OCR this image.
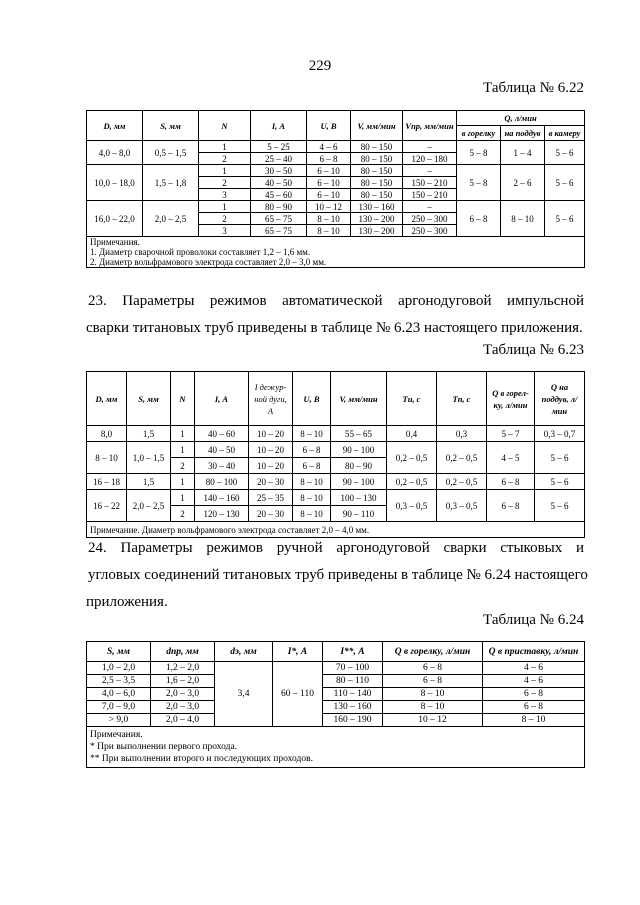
229
Таблица № 6.22
D, мм	S, мм	N	I, А	U, В	V, мм/мин	Vпр, мм/мин	Q, л/мин		
							в горелку	на поддув	в камеру
4,0 – 8,0	0,5 – 1,5	1	5 – 25	4 – 6	80 – 150	–	5 – 8	1 – 4	5 – 6
		2	25 – 40	6 – 8	80 – 150	120 – 180			
10,0 – 18,0	1,5 – 1,8	1	30 – 50	6 – 10	80 – 150	–	5 – 8	2 – 6	5 – 6
		2	40 – 50	6 – 10	80 – 150	150 – 210			
		3	45 – 60	6 – 10	80 – 150	150 – 210			
16,0 – 22,0	2,0 – 2,5	1	80 – 90	10 – 12	130 – 160	–	6 – 8	8 – 10	5 – 6
		2	65 – 75	8 – 10	130 – 200	250 – 300			
		3	65 – 75	8 – 10	130 – 200	250 – 300			

Примечания.
1. Диаметр сварочной проволоки составляет 1,2 – 1,6 мм.
2. Диаметр вольфрамового электрода составляет 2,0 – 3,0 мм.									
23. Параметры режимов автоматической аргонодуговой импульсной
сварки титановых труб приведены в таблице № 6.23 настоящего приложения.
Таблица № 6.23
D, мм	S, мм	N	I, А	I дежур-ной дуги, А	U, В	V, мм/мин	Tи, с	Tп, с	Q в горел-ку, л/мин	Q на поддув, л/мин
8,0	1,5	1	40 – 60	10 – 20	8 – 10	55 – 65	0,4	0,3	5 – 7	0,3 – 0,7
8 – 10	1,0 – 1,5	1	40 – 50	10 – 20	6 – 8	90 – 100	0,2 – 0,5	0,2 – 0,5	4 – 5	5 – 6
		2	30 – 40	10 – 20	6 – 8	80 – 90				
16 – 18	1,5	1	80 – 100	20 – 30	8 – 10	90 – 100	0,2 – 0,5	0,2 – 0,5	6 – 8	5 – 6
16 – 22	2,0 – 2,5	1	140 – 160	25 – 35	8 – 10	100 – 130	0,3 – 0,5	0,3 – 0,5	6 – 8	5 – 6
		2	120 – 130	20 – 30	8 – 10	90 – 110				
Примечание. Диаметр вольфрамового электрода составляет 2,0 – 4,0 мм.										
24. Параметры режимов ручной аргонодуговой сварки стыковых и
угловых соединений титановых труб приведены в таблице № 6.24 настоящего
приложения.
Таблица № 6.24
S, мм	dпр, мм	dэ, мм	I*, А	I**, А	Q в горелку, л/мин	Q в приставку, л/мин
1,0 – 2,0	1,2 – 2,0	3,4	60 – 110	70 – 100	6 – 8	4 – 6
2,5 – 3,5	1,6 – 2,0			80 – 110	6 – 8	4 – 6
4,0 – 6,0	2,0 – 3,0			110 – 140	8 – 10	6 – 8
7,0 – 9,0	2,0 – 3,0			130 – 160	8 – 10	6 – 8
> 9,0	2,0 – 4,0			160 – 190	10 – 12	8 – 10

Примечания.
* При выполнении первого прохода.
** При выполнении второго и последующих проходов.						
